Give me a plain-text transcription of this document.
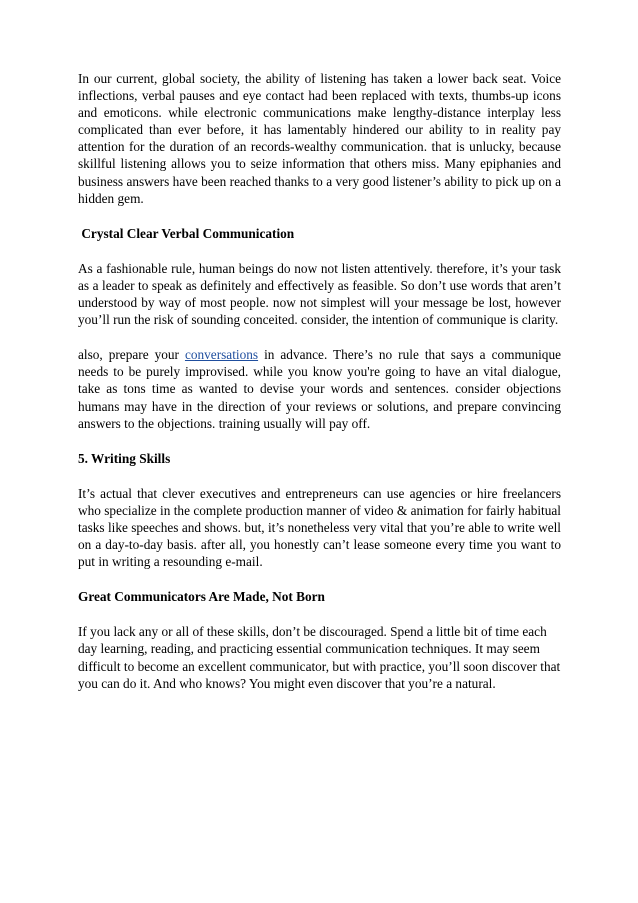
In our current, global society, the ability of listening has taken a lower back seat. Voice inflections, verbal pauses and eye contact had been replaced with texts, thumbs-up icons and emoticons. while electronic communications make lengthy-distance interplay less complicated than ever before, it has lamentably hindered our ability to in reality pay attention for the duration of an records-wealthy communication. that is unlucky, because skillful listening allows you to seize information that others miss. Many epiphanies and business answers have been reached thanks to a very good listener’s ability to pick up on a hidden gem.

Crystal Clear Verbal Communication

As a fashionable rule, human beings do now not listen attentively. therefore, it’s your task as a leader to speak as definitely and effectively as feasible. So don’t use words that aren’t understood by way of most people. now not simplest will your message be lost, however you’ll run the risk of sounding conceited. consider, the intention of communique is clarity.

also, prepare your conversations in advance. There’s no rule that says a communique needs to be purely improvised. while you know you're going to have an vital dialogue, take as tons time as wanted to devise your words and sentences. consider objections humans may have in the direction of your reviews or solutions, and prepare convincing answers to the objections. training usually will pay off.

5. Writing Skills

It’s actual that clever executives and entrepreneurs can use agencies or hire freelancers who specialize in the complete production manner of video & animation for fairly habitual tasks like speeches and shows. but, it’s nonetheless very vital that you’re able to write well on a day-to-day basis. after all, you honestly can’t lease someone every time you want to put in writing a resounding e-mail.

Great Communicators Are Made, Not Born

If you lack any or all of these skills, don’t be discouraged. Spend a little bit of time each day learning, reading, and practicing essential communication techniques. It may seem difficult to become an excellent communicator, but with practice, you’ll soon discover that you can do it. And who knows? You might even discover that you’re a natural.
